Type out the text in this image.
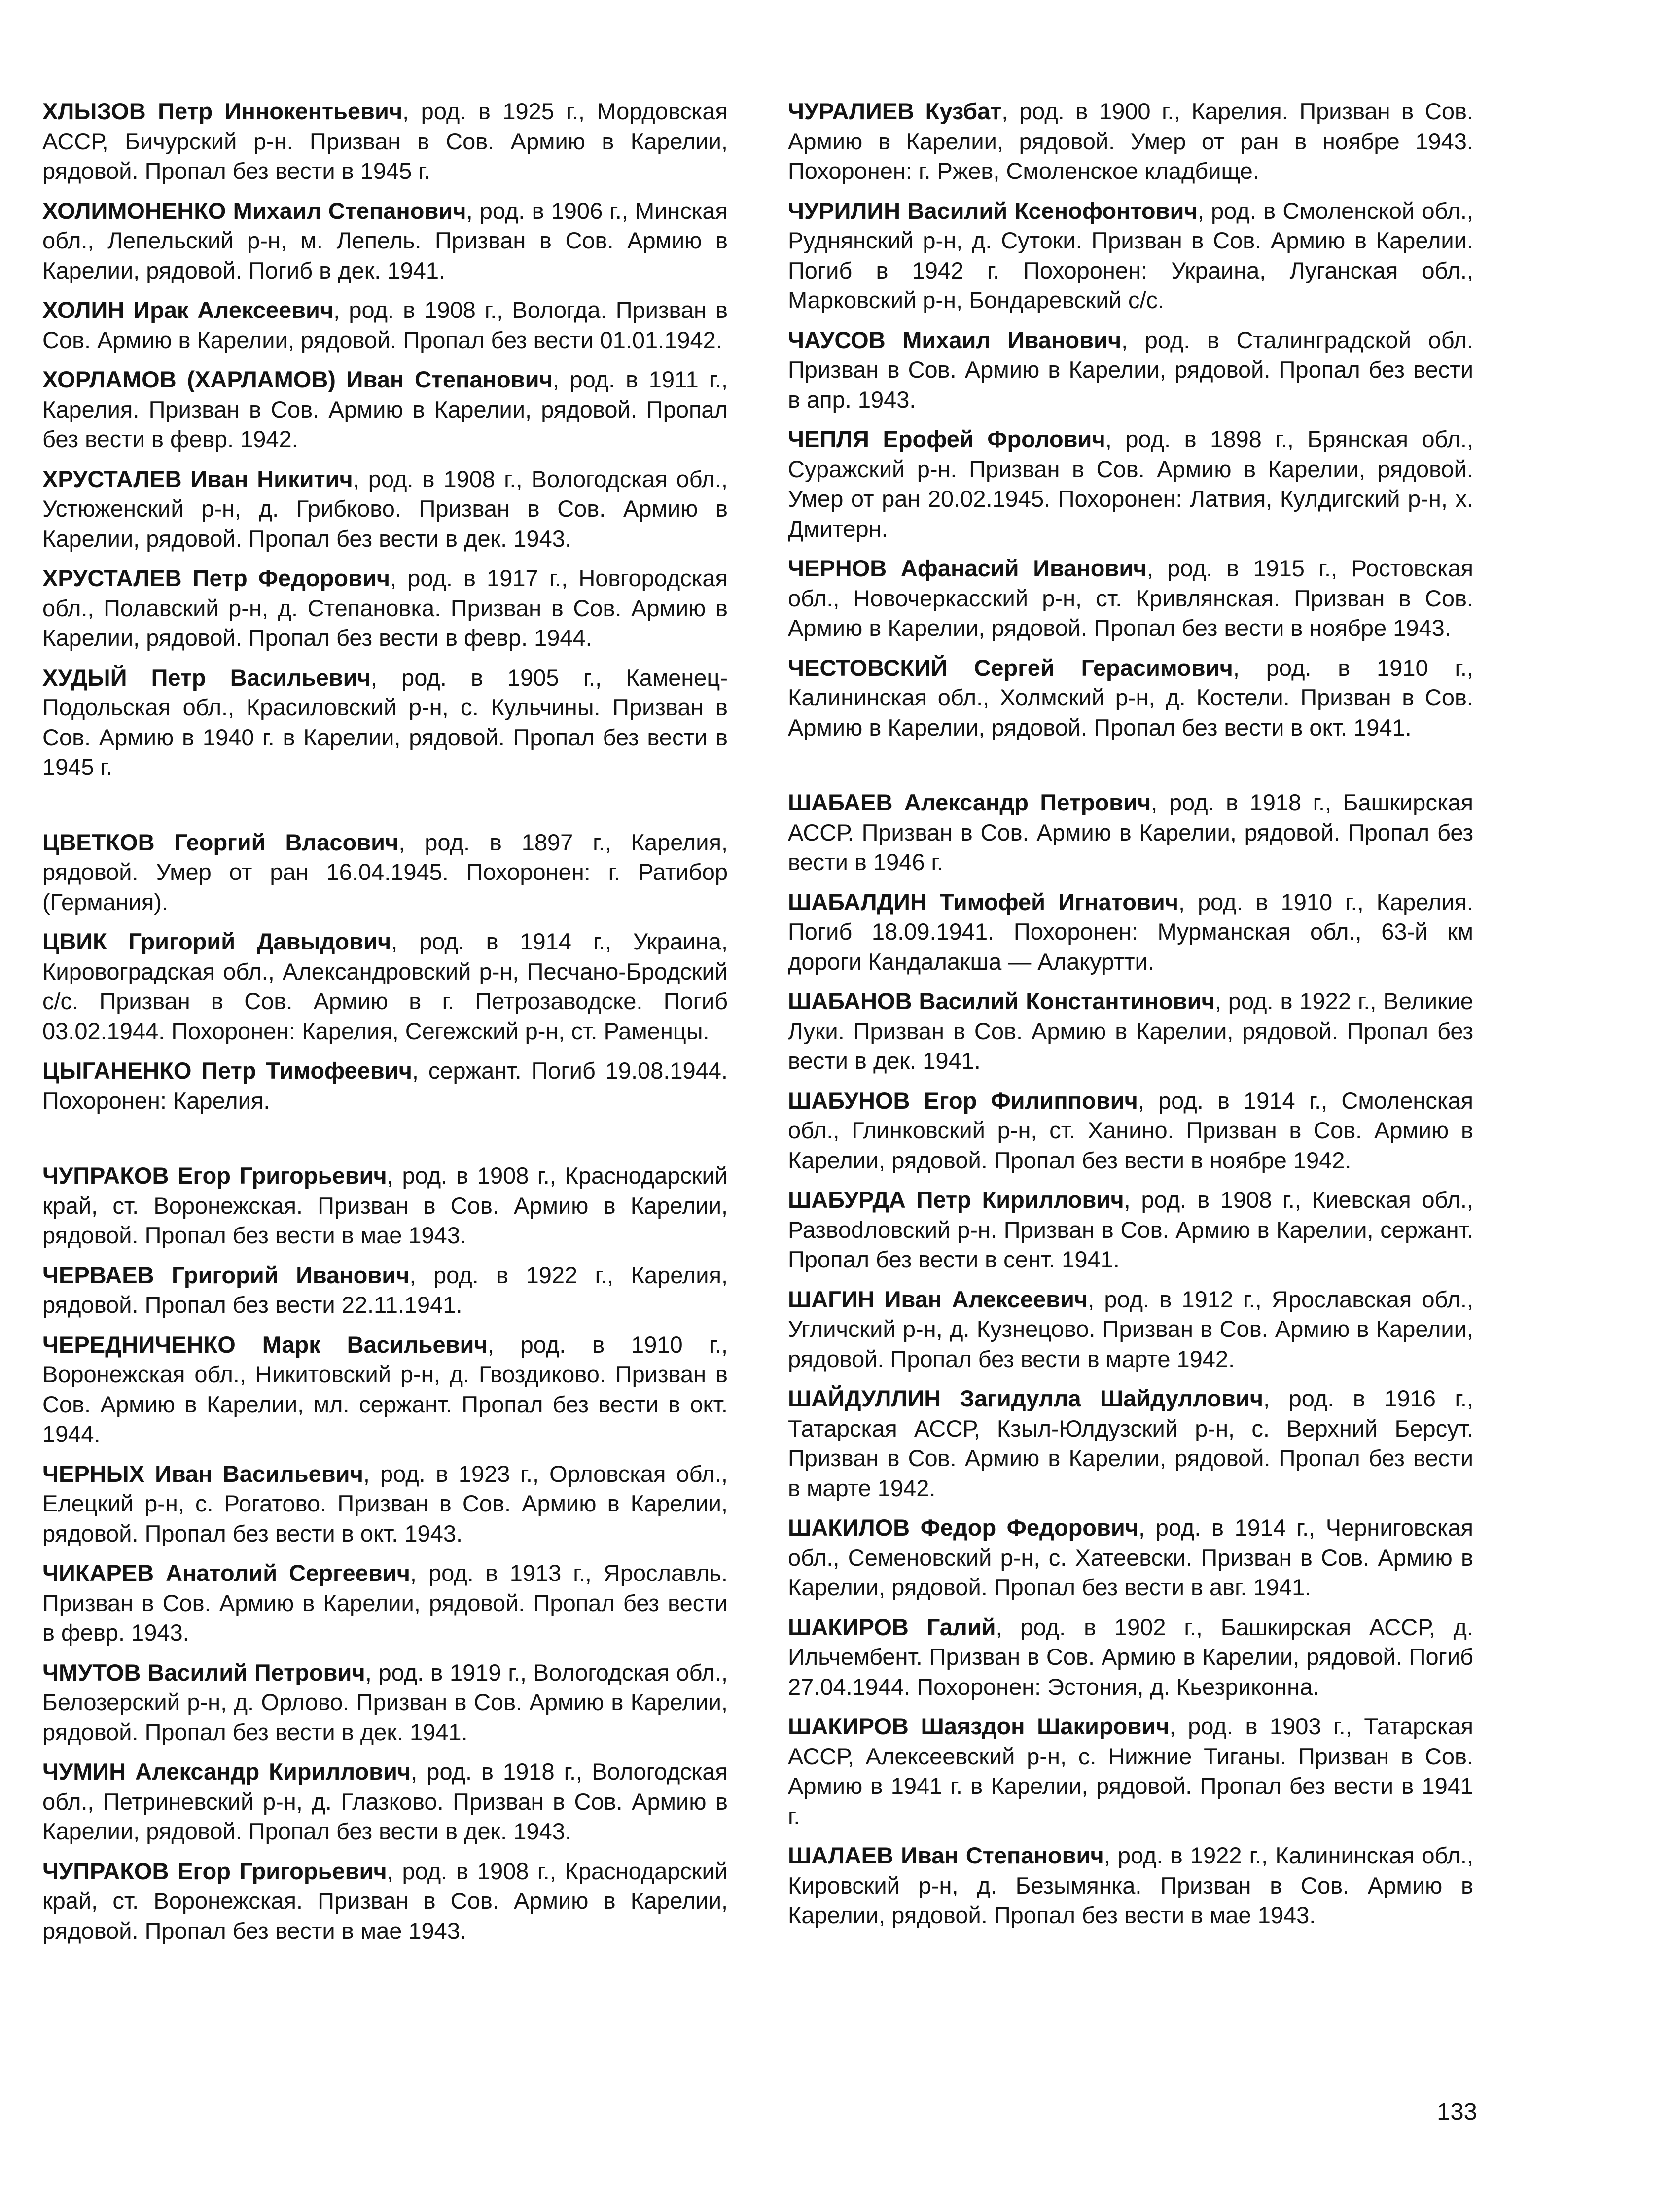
ХЛЫЗОВ Петр Иннокентьевич, род. в 1925 г., Мордовская АССР, Бичурский р-н. Призван в Сов. Армию в Карелии, рядовой. Пропал без вести в 1945 г.

ХОЛИМОНЕНКО Михаил Степанович, род. в 1906 г., Минская обл., Лепельский р-н, м. Лепель. Призван в Сов. Армию в Карелии, рядовой. Погиб в дек. 1941.

ХОЛИН Ирак Алексеевич, род. в 1908 г., Вологда. Призван в Сов. Армию в Карелии, рядовой. Пропал без вести 01.01.1942.

ХОРЛАМОВ (ХАРЛАМОВ) Иван Степанович, род. в 1911 г., Карелия. Призван в Сов. Армию в Карелии, рядовой. Пропал без вести в февр. 1942.

ХРУСТАЛЕВ Иван Никитич, род. в 1908 г., Вологодская обл., Устюженский р-н, д. Грибково. Призван в Сов. Армию в Карелии, рядовой. Пропал без вести в дек. 1943.

ХРУСТАЛЕВ Петр Федорович, род. в 1917 г., Новгородская обл., Полавский р-н, д. Степановка. Призван в Сов. Армию в Карелии, рядовой. Пропал без вести в февр. 1944.

ХУДЫЙ Петр Васильевич, род. в 1905 г., Каменец-Подольская обл., Красиловский р-н, с. Кульчины. Призван в Сов. Армию в 1940 г. в Карелии, рядовой. Пропал без вести в 1945 г.

ЦВЕТКОВ Георгий Власович, род. в 1897 г., Карелия, рядовой. Умер от ран 16.04.1945. Похоронен: г. Ратибор (Германия).

ЦВИК Григорий Давыдович, род. в 1914 г., Украина, Кировоградская обл., Александровский р-н, Песчано-Бродский с/с. Призван в Сов. Армию в г. Петрозаводске. Погиб 03.02.1944. Похоронен: Карелия, Сегежский р-н, ст. Раменцы.

ЦЫГАНЕНКО Петр Тимофеевич, сержант. Погиб 19.08.1944. Похоронен: Карелия.

ЧУПРАКОВ Егор Григорьевич, род. в 1908 г., Краснодарский край, ст. Воронежская. Призван в Сов. Армию в Карелии, рядовой. Пропал без вести в мае 1943.

ЧЕРВАЕВ Григорий Иванович, род. в 1922 г., Карелия, рядовой. Пропал без вести 22.11.1941.

ЧЕРЕДНИЧЕНКО Марк Васильевич, род. в 1910 г., Воронежская обл., Никитовский р-н, д. Гвоздиково. Призван в Сов. Армию в Карелии, мл. сержант. Пропал без вести в окт. 1944.

ЧЕРНЫХ Иван Васильевич, род. в 1923 г., Орловская обл., Елецкий р-н, с. Рогатово. Призван в Сов. Армию в Карелии, рядовой. Пропал без вести в окт. 1943.

ЧИКАРЕВ Анатолий Сергеевич, род. в 1913 г., Ярославль. Призван в Сов. Армию в Карелии, рядовой. Пропал без вести в февр. 1943.

ЧМУТОВ Василий Петрович, род. в 1919 г., Вологодская обл., Белозерский р-н, д. Орлово. Призван в Сов. Армию в Карелии, рядовой. Пропал без вести в дек. 1941.

ЧУМИН Александр Кириллович, род. в 1918 г., Вологодская обл., Петриневский р-н, д. Глазково. Призван в Сов. Армию в Карелии, рядовой. Пропал без вести в дек. 1943.

ЧУПРАКОВ Егор Григорьевич, род. в 1908 г., Краснодарский край, ст. Воронежская. Призван в Сов. Армию в Карелии, рядовой. Пропал без вести в мае 1943.

ЧУРАЛИЕВ Кузбат, род. в 1900 г., Карелия. Призван в Сов. Армию в Карелии, рядовой. Умер от ран в ноябре 1943. Похоронен: г. Ржев, Смоленское кладбище.

ЧУРИЛИН Василий Ксенофонтович, род. в Смоленской обл., Руднянский р-н, д. Сутоки. Призван в Сов. Армию в Карелии. Погиб в 1942 г. Похоронен: Украина, Луганская обл., Марковский р-н, Бондаревский с/с.

ЧАУСОВ Михаил Иванович, род. в Сталинградской обл. Призван в Сов. Армию в Карелии, рядовой. Пропал без вести в апр. 1943.

ЧЕПЛЯ Ерофей Фролович, род. в 1898 г., Брянская обл., Суражский р-н. Призван в Сов. Армию в Карелии, рядовой. Умер от ран 20.02.1945. Похоронен: Латвия, Кулдигский р-н, х. Дмитерн.

ЧЕРНОВ Афанасий Иванович, род. в 1915 г., Ростовская обл., Новочеркасский р-н, ст. Кривлянская. Призван в Сов. Армию в Карелии, рядовой. Пропал без вести в ноябре 1943.

ЧЕСТОВСКИЙ Сергей Герасимович, род. в 1910 г., Калининская обл., Холмский р-н, д. Костели. Призван в Сов. Армию в Карелии, рядовой. Пропал без вести в окт. 1941.

ШАБАЕВ Александр Петрович, род. в 1918 г., Башкирская АССР. Призван в Сов. Армию в Карелии, рядовой. Пропал без вести в 1946 г.

ШАБАЛДИН Тимофей Игнатович, род. в 1910 г., Карелия. Погиб 18.09.1941. Похоронен: Мурманская обл., 63-й км дороги Кандалакша — Алакуртти.

ШАБАНОВ Василий Константинович, род. в 1922 г., Великие Луки. Призван в Сов. Армию в Карелии, рядовой. Пропал без вести в дек. 1941.

ШАБУНОВ Егор Филиппович, род. в 1914 г., Смоленская обл., Глинковский р-н, ст. Ханино. Призван в Сов. Армию в Карелии, рядовой. Пропал без вести в ноябре 1942.

ШАБУРДА Петр Кириллович, род. в 1908 г., Киевская обл., Развodловский р-н. Призван в Сов. Армию в Карелии, сержант. Пропал без вести в сент. 1941.

ШАГИН Иван Алексеевич, род. в 1912 г., Ярославская обл., Угличский р-н, д. Кузнецово. Призван в Сов. Армию в Карелии, рядовой. Пропал без вести в марте 1942.

ШАЙДУЛЛИН Загидулла Шайдуллович, род. в 1916 г., Татарская АССР, Кзыл-Юлдузский р-н, с. Верхний Берсут. Призван в Сов. Армию в Карелии, рядовой. Пропал без вести в марте 1942.

ШАКИЛОВ Федор Федорович, род. в 1914 г., Черниговская обл., Семеновский р-н, с. Хатеевски. Призван в Сов. Армию в Карелии, рядовой. Пропал без вести в авг. 1941.

ШАКИРОВ Галий, род. в 1902 г., Башкирская АССР, д. Ильчембент. Призван в Сов. Армию в Карелии, рядовой. Погиб 27.04.1944. Похоронен: Эстония, д. Кьезриконна.

ШАКИРОВ Шаяздон Шакирович, род. в 1903 г., Татарская АССР, Алексеевский р-н, с. Нижние Тиганы. Призван в Сов. Армию в 1941 г. в Карелии, рядовой. Пропал без вести в 1941 г.

ШАЛАЕВ Иван Степанович, род. в 1922 г., Калининская обл., Кировский р-н, д. Безымянка. Призван в Сов. Армию в Карелии, рядовой. Пропал без вести в мае 1943.

133
